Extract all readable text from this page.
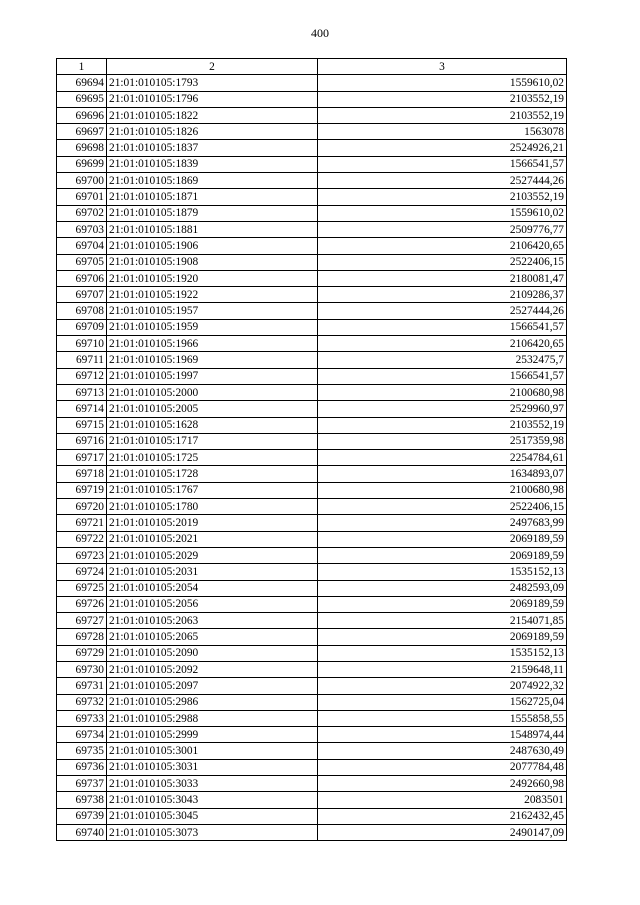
400
1	2	3
69694	21:01:010105:1793	1559610,02
69695	21:01:010105:1796	2103552,19
69696	21:01:010105:1822	2103552,19
69697	21:01:010105:1826	1563078
69698	21:01:010105:1837	2524926,21
69699	21:01:010105:1839	1566541,57
69700	21:01:010105:1869	2527444,26
69701	21:01:010105:1871	2103552,19
69702	21:01:010105:1879	1559610,02
69703	21:01:010105:1881	2509776,77
69704	21:01:010105:1906	2106420,65
69705	21:01:010105:1908	2522406,15
69706	21:01:010105:1920	2180081,47
69707	21:01:010105:1922	2109286,37
69708	21:01:010105:1957	2527444,26
69709	21:01:010105:1959	1566541,57
69710	21:01:010105:1966	2106420,65
69711	21:01:010105:1969	2532475,7
69712	21:01:010105:1997	1566541,57
69713	21:01:010105:2000	2100680,98
69714	21:01:010105:2005	2529960,97
69715	21:01:010105:1628	2103552,19
69716	21:01:010105:1717	2517359,98
69717	21:01:010105:1725	2254784,61
69718	21:01:010105:1728	1634893,07
69719	21:01:010105:1767	2100680,98
69720	21:01:010105:1780	2522406,15
69721	21:01:010105:2019	2497683,99
69722	21:01:010105:2021	2069189,59
69723	21:01:010105:2029	2069189,59
69724	21:01:010105:2031	1535152,13
69725	21:01:010105:2054	2482593,09
69726	21:01:010105:2056	2069189,59
69727	21:01:010105:2063	2154071,85
69728	21:01:010105:2065	2069189,59
69729	21:01:010105:2090	1535152,13
69730	21:01:010105:2092	2159648,11
69731	21:01:010105:2097	2074922,32
69732	21:01:010105:2986	1562725,04
69733	21:01:010105:2988	1555858,55
69734	21:01:010105:2999	1548974,44
69735	21:01:010105:3001	2487630,49
69736	21:01:010105:3031	2077784,48
69737	21:01:010105:3033	2492660,98
69738	21:01:010105:3043	2083501
69739	21:01:010105:3045	2162432,45
69740	21:01:010105:3073	2490147,09
